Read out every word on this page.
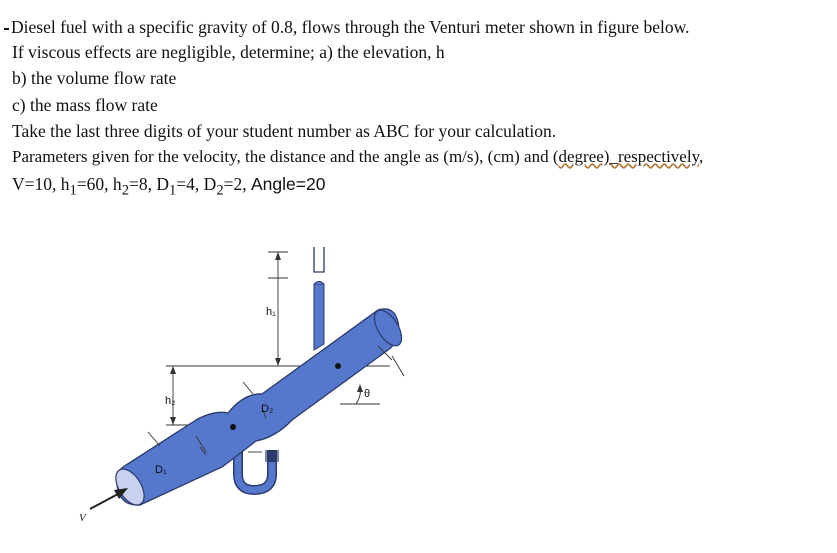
Diesel fuel with a specific gravity of 0.8, flows through the Venturi meter shown in figure below.
If viscous effects are negligible, determine; a) the elevation, h
b) the volume flow rate
c) the mass flow rate
Take the last three digits of your student number as ABC for your calculation.
Parameters given for the velocity, the distance and the angle as (m/s), (cm) and (degree)_respectively,
V=10, $h_1=60$, $h_2=8$, $D_1=4$, $D_2=2$, Angle=20
h₁
h₂
D₁
D₂
θ
V
